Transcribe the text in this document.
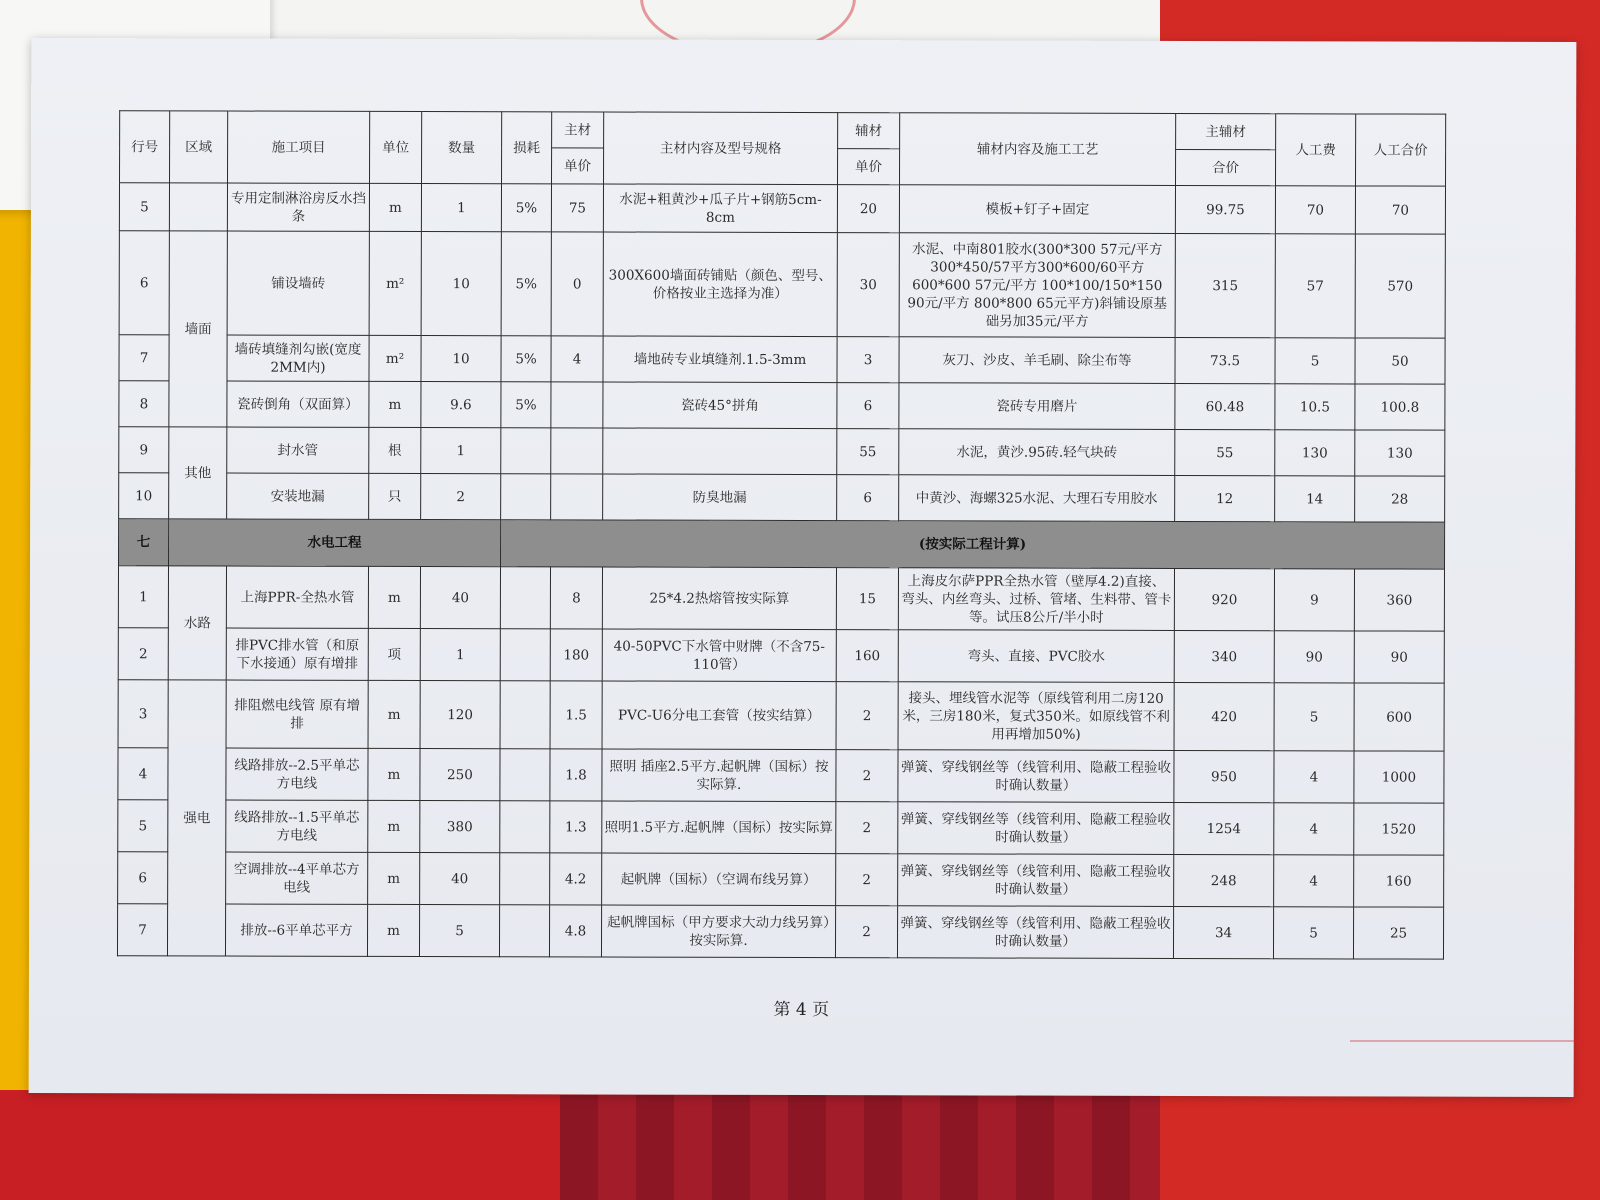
行号	区域	施工项目	单位	数量	损耗	主材	主材内容及型号规格	辅材	辅材内容及施工工艺	主辅材	人工费	人工合价
						单价		单价		合价		
5		专用定制淋浴房反水挡条	m	1	5%	75	水泥+粗黄沙+瓜子片+钢筋5cm-8cm	20	模板+钉子+固定	99.75	70	70
6	墙面	铺设墙砖	m²	10	5%	0	300X600墙面砖铺贴（颜色、型号、价格按业主选择为准）	30	水泥、中南801胶水(300*300 57元/平方 300*450/57平方300*600/60平方 600*600 57元/平方 100*100/150*150 90元/平方 800*800 65元平方)斜铺设原基础另加35元/平方	315	57	570
7		墙砖填缝剂勾嵌(宽度2MM内)	m²	10	5%	4	墙地砖专业填缝剂.1.5-3mm	3	灰刀、沙皮、羊毛刷、除尘布等	73.5	5	50
8		瓷砖倒角（双面算）	m	9.6	5%		瓷砖45°拼角	6	瓷砖专用磨片	60.48	10.5	100.8
9	其他	封水管	根	1				55	水泥，黄沙.95砖.轻气块砖	55	130	130
10		安装地漏	只	2			防臭地漏	6	中黄沙、海螺325水泥、大理石专用胶水	12	14	28
七	水电工程				(按实际工程计算)							
1	水路	上海PPR-全热水管	m	40		8	25*4.2热熔管按实际算	15	上海皮尔萨PPR全热水管（壁厚4.2)直接、弯头、内丝弯头、过桥、管堵、生料带、管卡等。试压8公斤/半小时	920	9	360
2		排PVC排水管（和原下水接通）原有增排	项	1		180	40-50PVC下水管中财牌（不含75-110管）	160	弯头、直接、PVC胶水	340	90	90
3	强电	排阻燃电线管 原有增排	m	120		1.5	PVC-U6分电工套管（按实结算）	2	接头、埋线管水泥等（原线管利用二房120米，三房180米，复式350米。如原线管不利用再增加50%)	420	5	600
4		线路排放--2.5平单芯方电线	m	250		1.8	照明 插座2.5平方.起帆牌（国标）按实际算.	2	弹簧、穿线钢丝等（线管利用、隐蔽工程验收时确认数量）	950	4	1000
5		线路排放--1.5平单芯方电线	m	380		1.3	照明1.5平方.起帆牌（国标）按实际算	2	弹簧、穿线钢丝等（线管利用、隐蔽工程验收时确认数量）	1254	4	1520
6		空调排放--4平单芯方电线	m	40		4.2	起帆牌（国标）（空调布线另算）	2	弹簧、穿线钢丝等（线管利用、隐蔽工程验收时确认数量）	248	4	160
7		排放--6平单芯平方	m	5		4.8	起帆牌国标（甲方要求大动力线另算）按实际算.	2	弹簧、穿线钢丝等（线管利用、隐蔽工程验收时确认数量）	34	5	25
第 4 页
